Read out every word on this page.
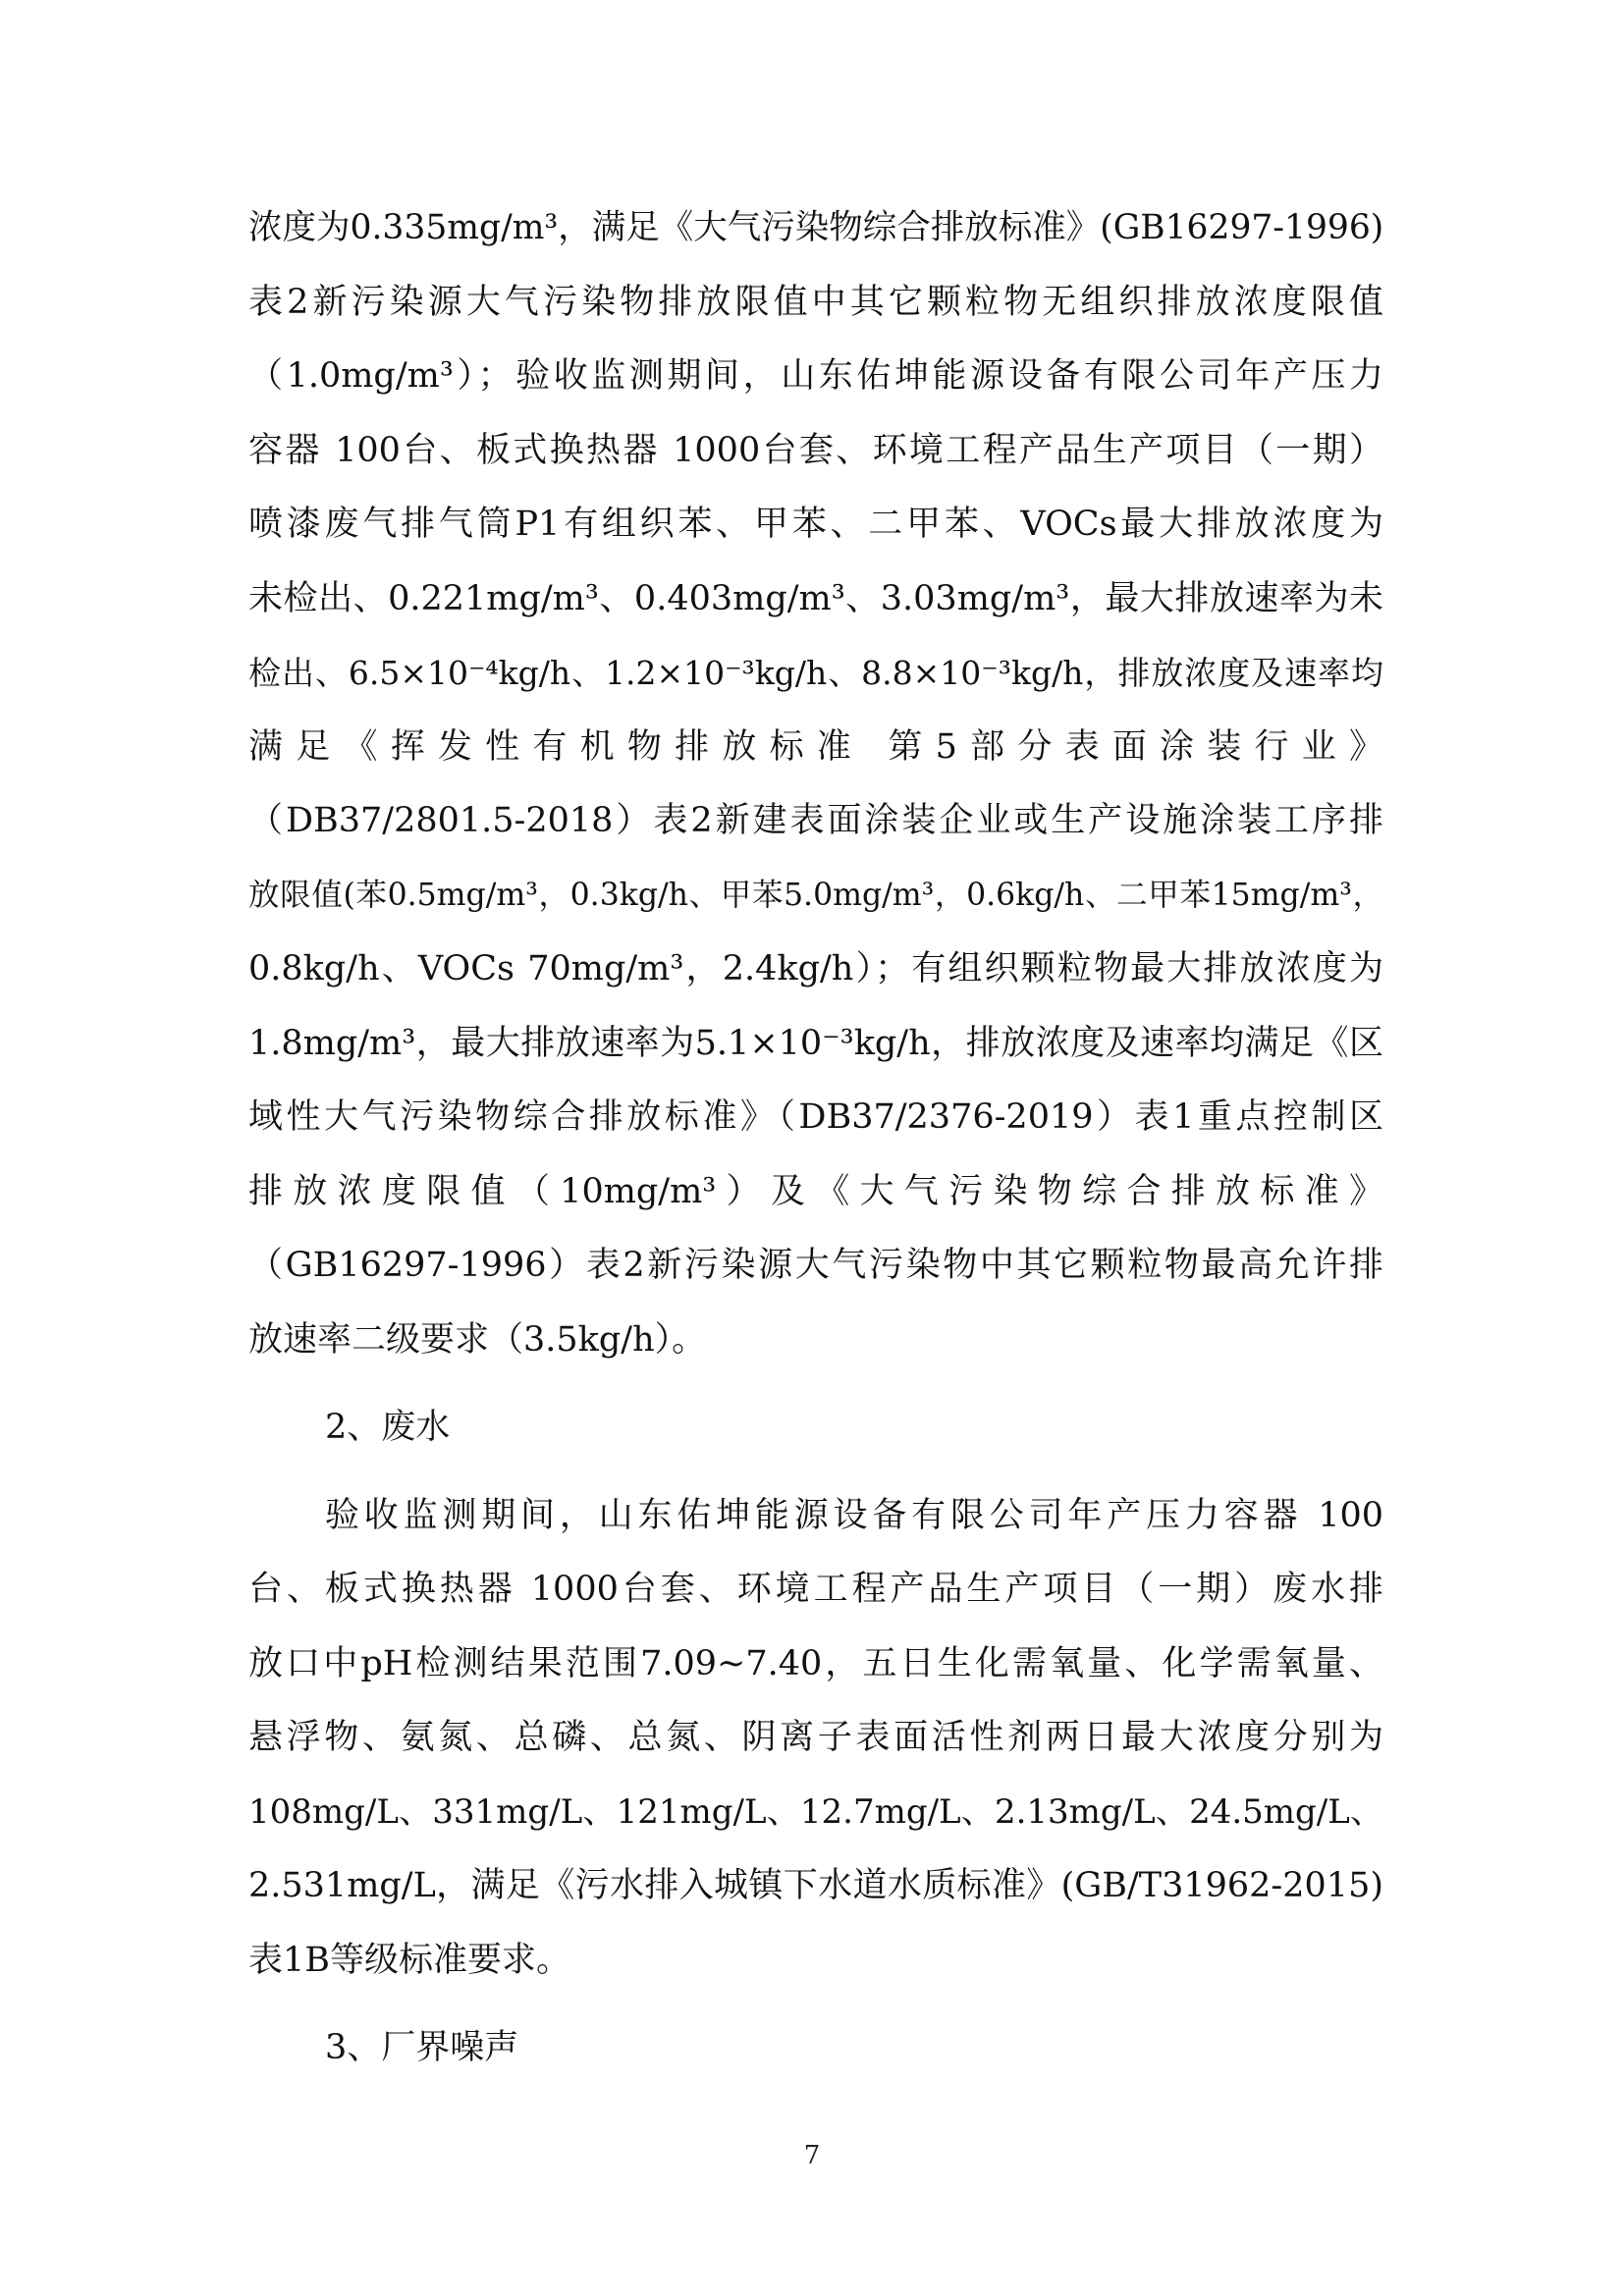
浓度为0.335mg/m³，满足《大气污染物综合排放标准》(GB16297-1996)
表2新污染源大气污染物排放限值中其它颗粒物无组织排放浓度限值
（1.0mg/m³）；验收监测期间，山东佑坤能源设备有限公司年产压力
容器 100台、板式换热器 1000台套、环境工程产品生产项目（一期）
喷漆废气排气筒P1有组织苯、甲苯、二甲苯、VOCs最大排放浓度为
未检出、0.221mg/m³、0.403mg/m³、3.03mg/m³，最大排放速率为未
检出、6.5×10⁻⁴kg/h、1.2×10⁻³kg/h、8.8×10⁻³kg/h，排放浓度及速率均
满足《挥发性有机物排放标准 第5部分表面涂装行业》
（DB37/2801.5-2018）表2新建表面涂装企业或生产设施涂装工序排
放限值(苯0.5mg/m³，0.3kg/h、甲苯5.0mg/m³，0.6kg/h、二甲苯15mg/m³，
0.8kg/h、VOCs 70mg/m³，2.4kg/h）；有组织颗粒物最大排放浓度为
1.8mg/m³，最大排放速率为5.1×10⁻³kg/h，排放浓度及速率均满足《区
域性大气污染物综合排放标准》（DB37/2376-2019）表1重点控制区
排放浓度限值（10mg/m³）及《大气污染物综合排放标准》
（GB16297-1996）表2新污染源大气污染物中其它颗粒物最高允许排
放速率二级要求（3.5kg/h）。
2、废水
验收监测期间，山东佑坤能源设备有限公司年产压力容器 100
台、板式换热器 1000台套、环境工程产品生产项目（一期）废水排
放口中pH检测结果范围7.09~7.40，五日生化需氧量、化学需氧量、
悬浮物、氨氮、总磷、总氮、阴离子表面活性剂两日最大浓度分别为
108mg/L、331mg/L、121mg/L、12.7mg/L、2.13mg/L、24.5mg/L、
2.531mg/L，满足《污水排入城镇下水道水质标准》(GB/T31962-2015)
表1B等级标准要求。
3、厂界噪声
7
